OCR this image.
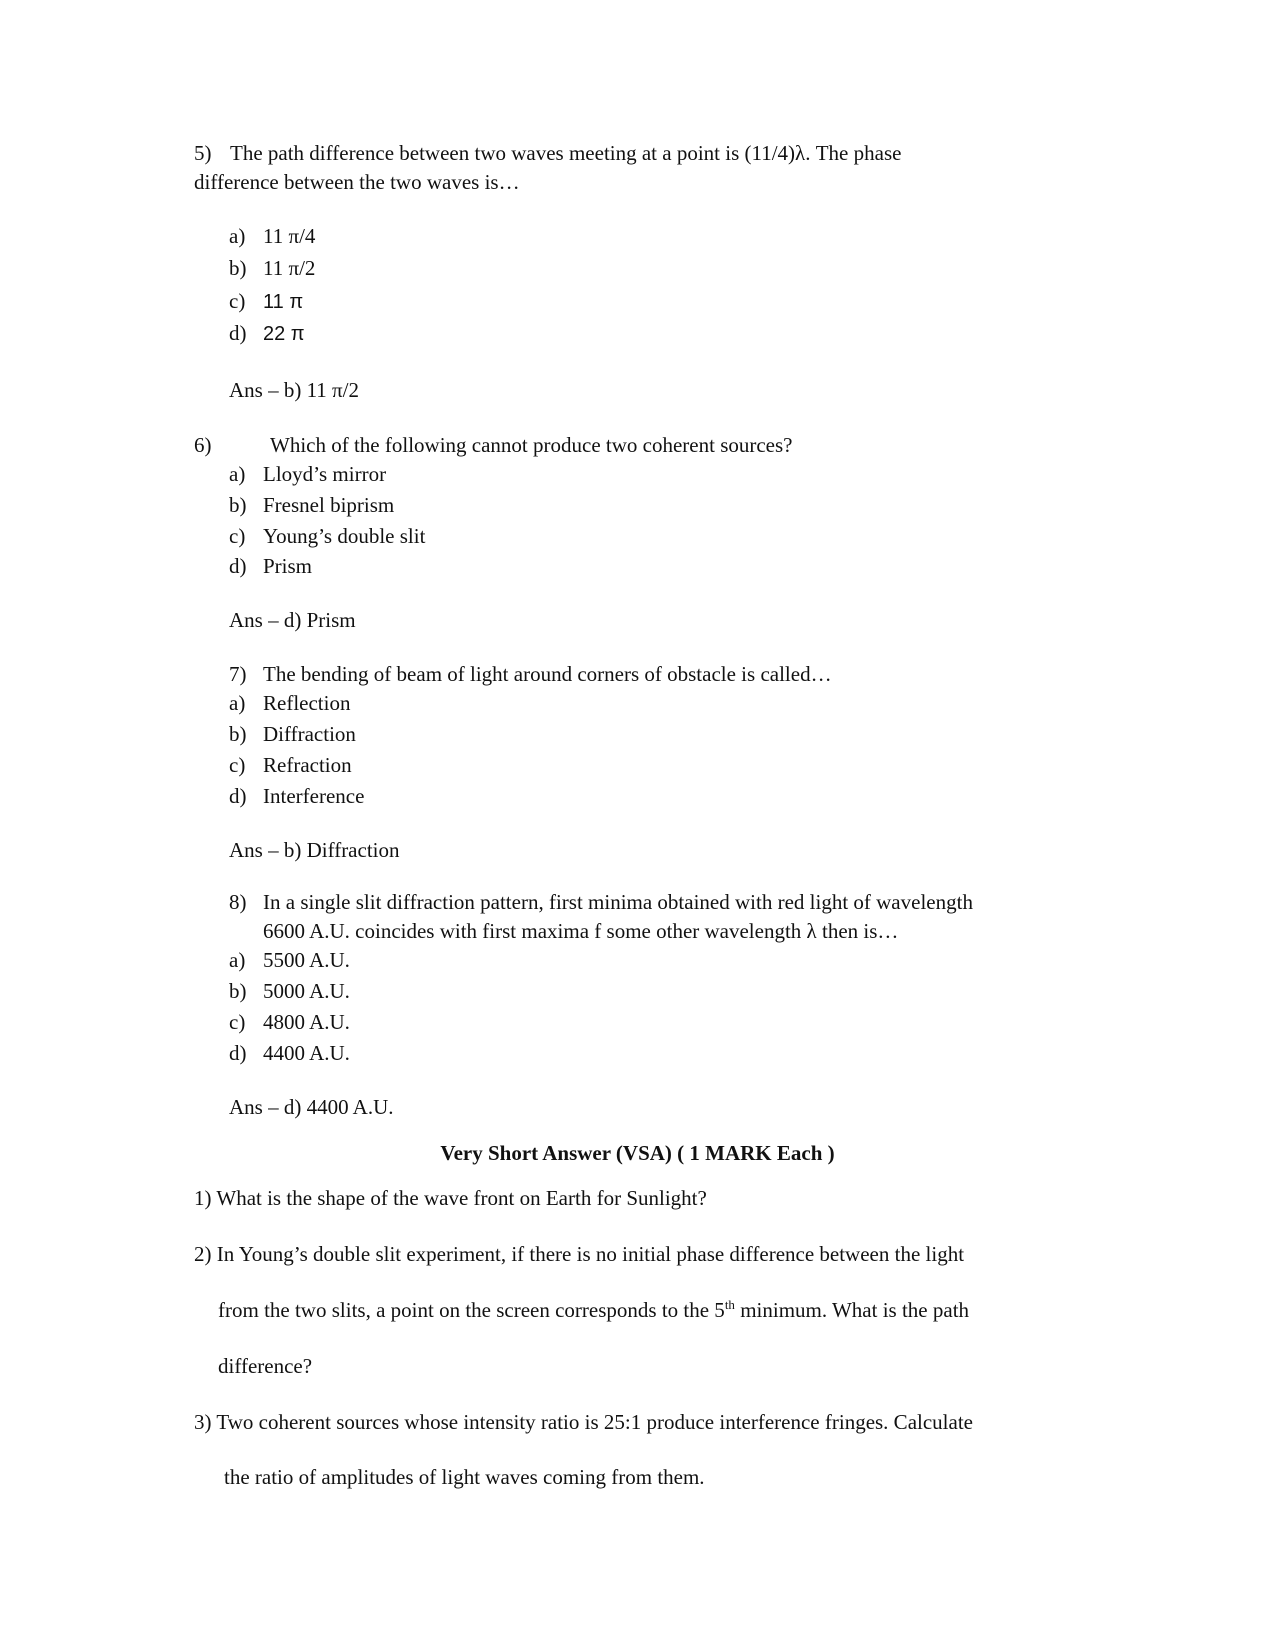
5) The path difference between two waves meeting at a point is (11/4)λ. The phase
difference between the two waves is…
a) 11 π/4
b) 11 π/2
c) 11 π
d) 22 π
Ans – b) 11 π/2
6)	Which of the following cannot produce two coherent sources?
a) Lloyd’s mirror
b) Fresnel biprism
c) Young’s double slit
d) Prism
Ans – d) Prism
7) The bending of beam of light around corners of obstacle is called…
a) Reflection
b) Diffraction
c) Refraction
d) Interference
Ans – b) Diffraction
8) In a single slit diffraction pattern, first minima obtained with red light of wavelength
6600 A.U. coincides with first maxima f some other wavelength λ then is…
a) 5500 A.U.
b) 5000 A.U.
c) 4800 A.U.
d) 4400 A.U.
Ans – d) 4400 A.U.
Very Short Answer (VSA) ( 1 MARK Each )
1) What is the shape of the wave front on Earth for Sunlight?
2) In Young’s double slit experiment, if there is no initial phase difference between the light
from the two slits, a point on the screen corresponds to the 5th minimum. What is the path
difference?
3) Two coherent sources whose intensity ratio is 25:1 produce interference fringes. Calculate
the ratio of amplitudes of light waves coming from them.
